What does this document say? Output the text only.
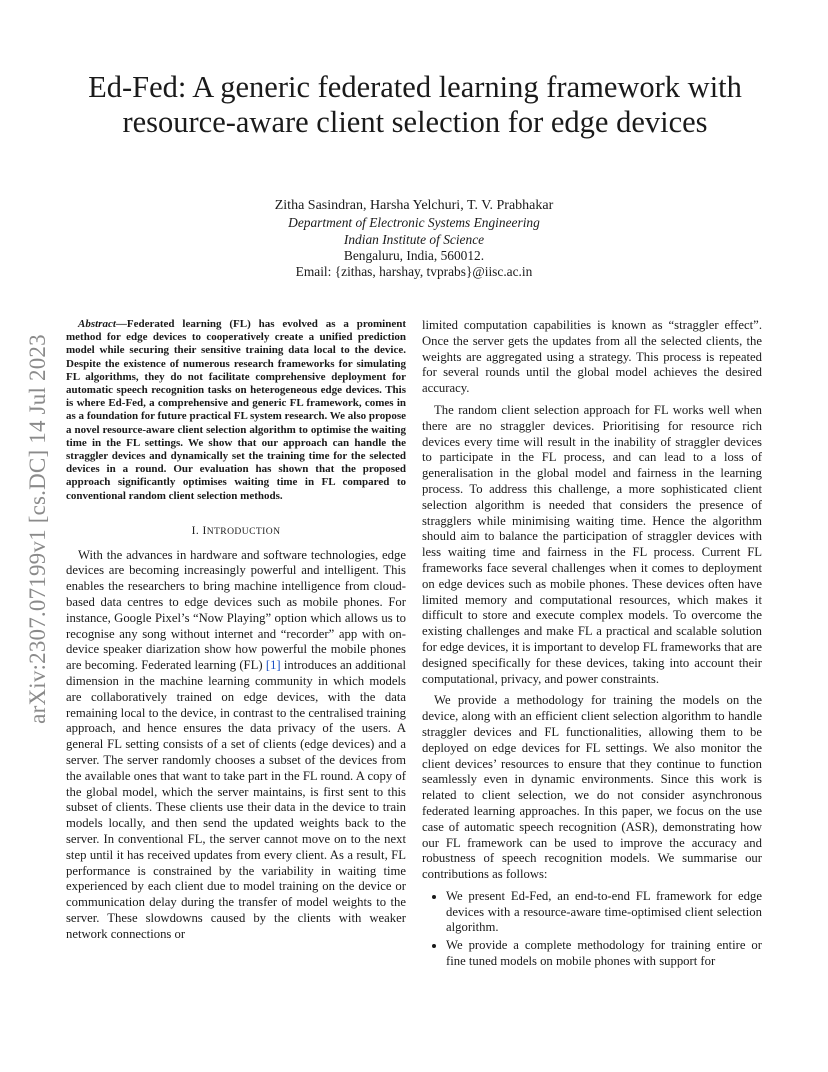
arXiv:2307.07199v1 [cs.DC] 14 Jul 2023
Ed-Fed: A generic federated learning framework with resource-aware client selection for edge devices
Zitha Sasindran, Harsha Yelchuri, T. V. Prabhakar
Department of Electronic Systems Engineering
Indian Institute of Science
Bengaluru, India, 560012.
Email: {zithas, harshay, tvprabs}@iisc.ac.in

Abstract—Federated learning (FL) has evolved as a prominent method for edge devices to cooperatively create a unified prediction model while securing their sensitive training data local to the device. Despite the existence of numerous research frameworks for simulating FL algorithms, they do not facilitate comprehensive deployment for automatic speech recognition tasks on heterogeneous edge devices. This is where Ed-Fed, a comprehensive and generic FL framework, comes in as a foundation for future practical FL system research. We also propose a novel resource-aware client selection algorithm to optimise the waiting time in the FL settings. We show that our approach can handle the straggler devices and dynamically set the training time for the selected devices in a round. Our evaluation has shown that the proposed approach significantly optimises waiting time in FL compared to conventional random client selection methods.

I. INTRODUCTION

With the advances in hardware and software technologies, edge devices are becoming increasingly powerful and intelligent. This enables the researchers to bring machine intelligence from cloud-based data centres to edge devices such as mobile phones. For instance, Google Pixel’s “Now Playing” option which allows us to recognise any song without internet and “recorder” app with on-device speaker diarization show how powerful the mobile phones are becoming. Federated learning (FL) [1] introduces an additional dimension in the machine learning community in which models are collaboratively trained on edge devices, with the data remaining local to the device, in contrast to the centralised training approach, and hence ensures the data privacy of the users. A general FL setting consists of a set of clients (edge devices) and a server. The server randomly chooses a subset of the devices from the available ones that want to take part in the FL round. A copy of the global model, which the server maintains, is first sent to this subset of clients. These clients use their data in the device to train models locally, and then send the updated weights back to the server. In conventional FL, the server cannot move on to the next step until it has received updates from every client. As a result, FL performance is constrained by the variability in waiting time experienced by each client due to model training on the device or communication delay during the transfer of model weights to the server. These slowdowns caused by the clients with weaker network connections or

limited computation capabilities is known as “straggler effect”. Once the server gets the updates from all the selected clients, the weights are aggregated using a strategy. This process is repeated for several rounds until the global model achieves the desired accuracy.

The random client selection approach for FL works well when there are no straggler devices. Prioritising for resource rich devices every time will result in the inability of straggler devices to participate in the FL process, and can lead to a loss of generalisation in the global model and fairness in the learning process. To address this challenge, a more sophisticated client selection algorithm is needed that considers the presence of stragglers while minimising waiting time. Hence the algorithm should aim to balance the participation of straggler devices with less waiting time and fairness in the FL process. Current FL frameworks face several challenges when it comes to deployment on edge devices such as mobile phones. These devices often have limited memory and computational resources, which makes it difficult to store and execute complex models. To overcome the existing challenges and make FL a practical and scalable solution for edge devices, it is important to develop FL frameworks that are designed specifically for these devices, taking into account their computational, privacy, and power constraints.

We provide a methodology for training the models on the device, along with an efficient client selection algorithm to handle straggler devices and FL functionalities, allowing them to be deployed on edge devices for FL settings. We also monitor the client devices’ resources to ensure that they continue to function seamlessly even in dynamic environments. Since this work is related to client selection, we do not consider asynchronous federated learning approaches. In this paper, we focus on the use case of automatic speech recognition (ASR), demonstrating how our FL framework can be used to improve the accuracy and robustness of speech recognition models. We summarise our contributions as follows:

• We present Ed-Fed, an end-to-end FL framework for edge devices with a resource-aware time-optimised client selection algorithm.
• We provide a complete methodology for training entire or fine tuned models on mobile phones with support for
